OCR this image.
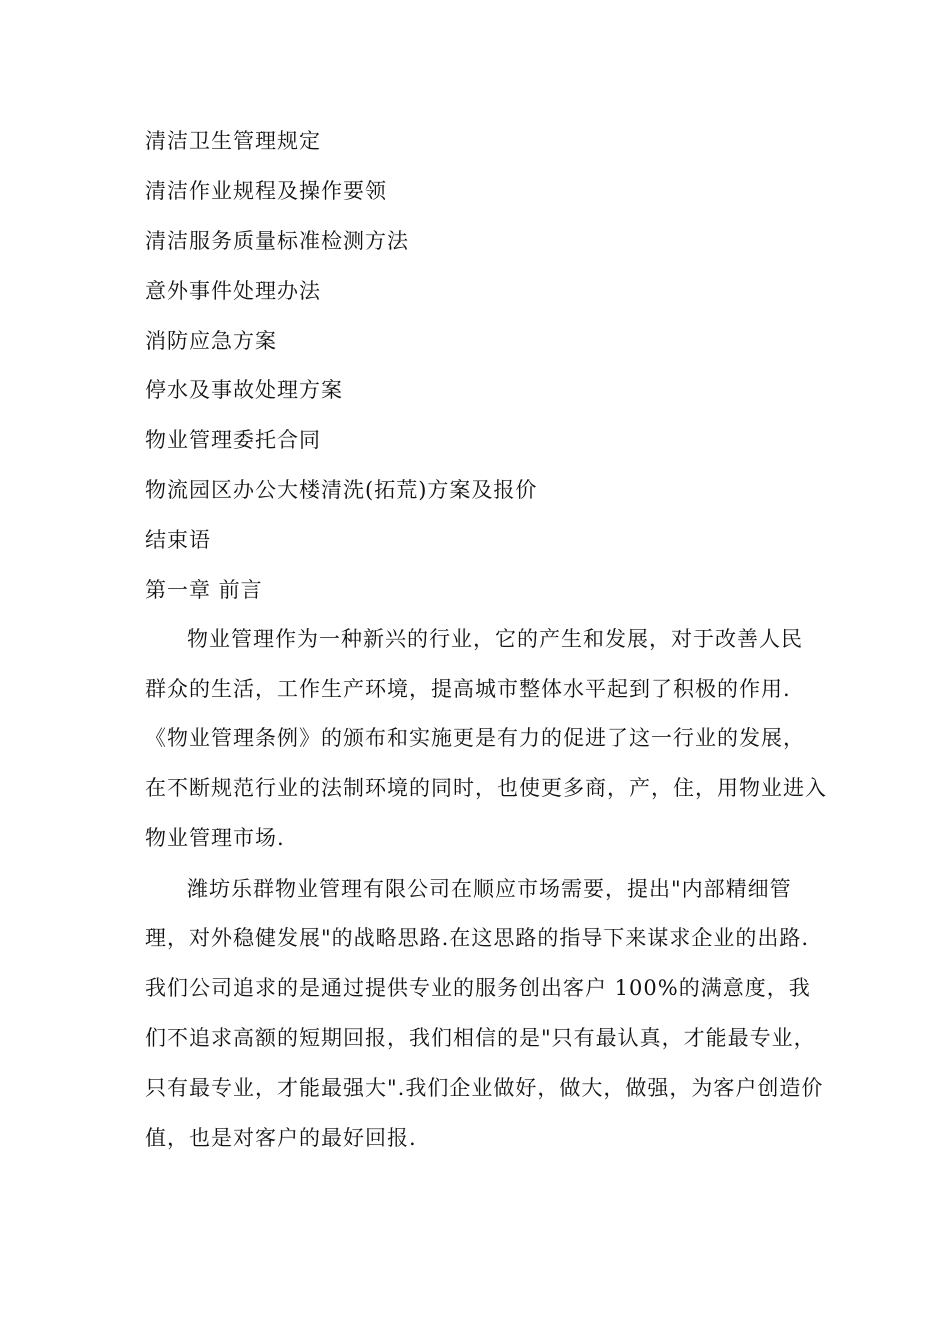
清洁卫生管理规定
清洁作业规程及操作要领
清洁服务质量标准检测方法
意外事件处理办法
消防应急方案
停水及事故处理方案
物业管理委托合同
物流园区办公大楼清洗(拓荒)方案及报价
结束语
第一章 前言
物业管理作为一种新兴的行业，它的产生和发展，对于改善人民
群众的生活，工作生产环境，提高城市整体水平起到了积极的作用.
《物业管理条例》的颁布和实施更是有力的促进了这一行业的发展，
在不断规范行业的法制环境的同时，也使更多商，产，住，用物业进入
物业管理市场.
潍坊乐群物业管理有限公司在顺应市场需要，提出"内部精细管
理，对外稳健发展"的战略思路.在这思路的指导下来谋求企业的出路.
我们公司追求的是通过提供专业的服务创出客户 100%的满意度，我
们不追求高额的短期回报，我们相信的是"只有最认真，才能最专业，
只有最专业，才能最强大".我们企业做好，做大，做强，为客户创造价
值，也是对客户的最好回报.
